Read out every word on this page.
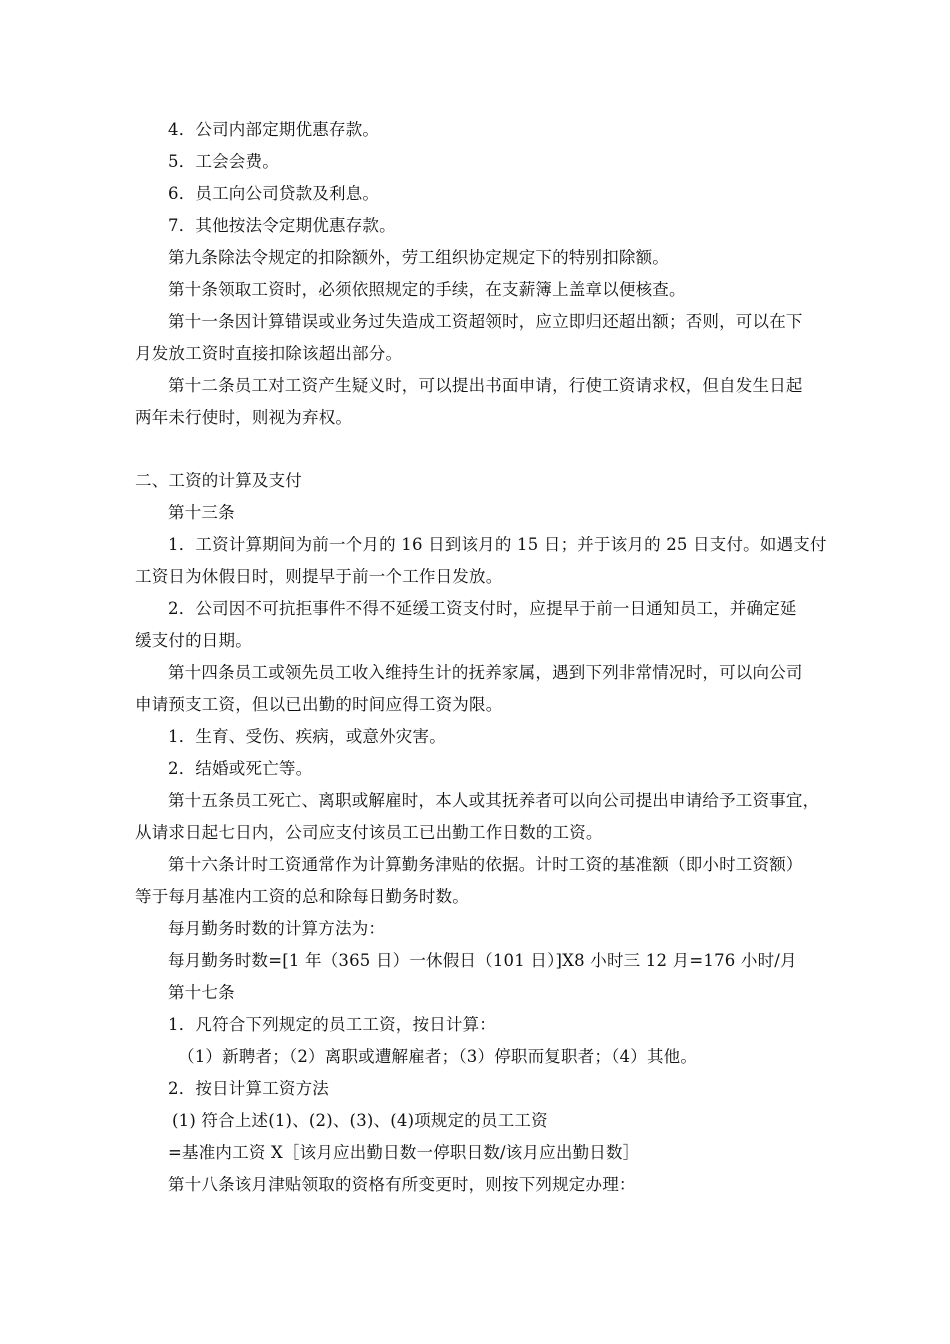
4．公司内部定期优惠存款。
5．工会会费。
6．员工向公司贷款及利息。
7．其他按法令定期优惠存款。
第九条除法令规定的扣除额外，劳工组织协定规定下的特别扣除额。
第十条领取工资时，必须依照规定的手续，在支薪簿上盖章以便核查。
第十一条因计算错误或业务过失造成工资超领时，应立即归还超出额；否则，可以在下
月发放工资时直接扣除该超出部分。
第十二条员工对工资产生疑义时，可以提出书面申请，行使工资请求权，但自发生日起
两年未行使时，则视为弃权。
二、工资的计算及支付
第十三条
1．工资计算期间为前一个月的 16 日到该月的 15 日；并于该月的 25 日支付。如遇支付
工资日为休假日时，则提早于前一个工作日发放。
2．公司因不可抗拒事件不得不延缓工资支付时，应提早于前一日通知员工，并确定延
缓支付的日期。
第十四条员工或领先员工收入维持生计的抚养家属，遇到下列非常情况时，可以向公司
申请预支工资，但以已出勤的时间应得工资为限。
1．生育、受伤、疾病，或意外灾害。
2．结婚或死亡等。
第十五条员工死亡、离职或解雇时，本人或其抚养者可以向公司提出申请给予工资事宜，
从请求日起七日内，公司应支付该员工已出勤工作日数的工资。
第十六条计时工资通常作为计算勤务津贴的依据。计时工资的基准额（即小时工资额）
等于每月基准内工资的总和除每日勤务时数。
每月勤务时数的计算方法为：
每月勤务时数=[1 年（365 日）一休假日（101 日）]X8 小时三 12 月=176 小时/月
第十七条
1．凡符合下列规定的员工工资，按日计算：
（1）新聘者；（2）离职或遭解雇者；（3）停职而复职者；（4）其他。
2．按日计算工资方法
(1) 符合上述(1)、(2)、(3)、(4)项规定的员工工资
=基准内工资 X［该月应出勤日数一停职日数/该月应出勤日数］
第十八条该月津贴领取的资格有所变更时，则按下列规定办理：
